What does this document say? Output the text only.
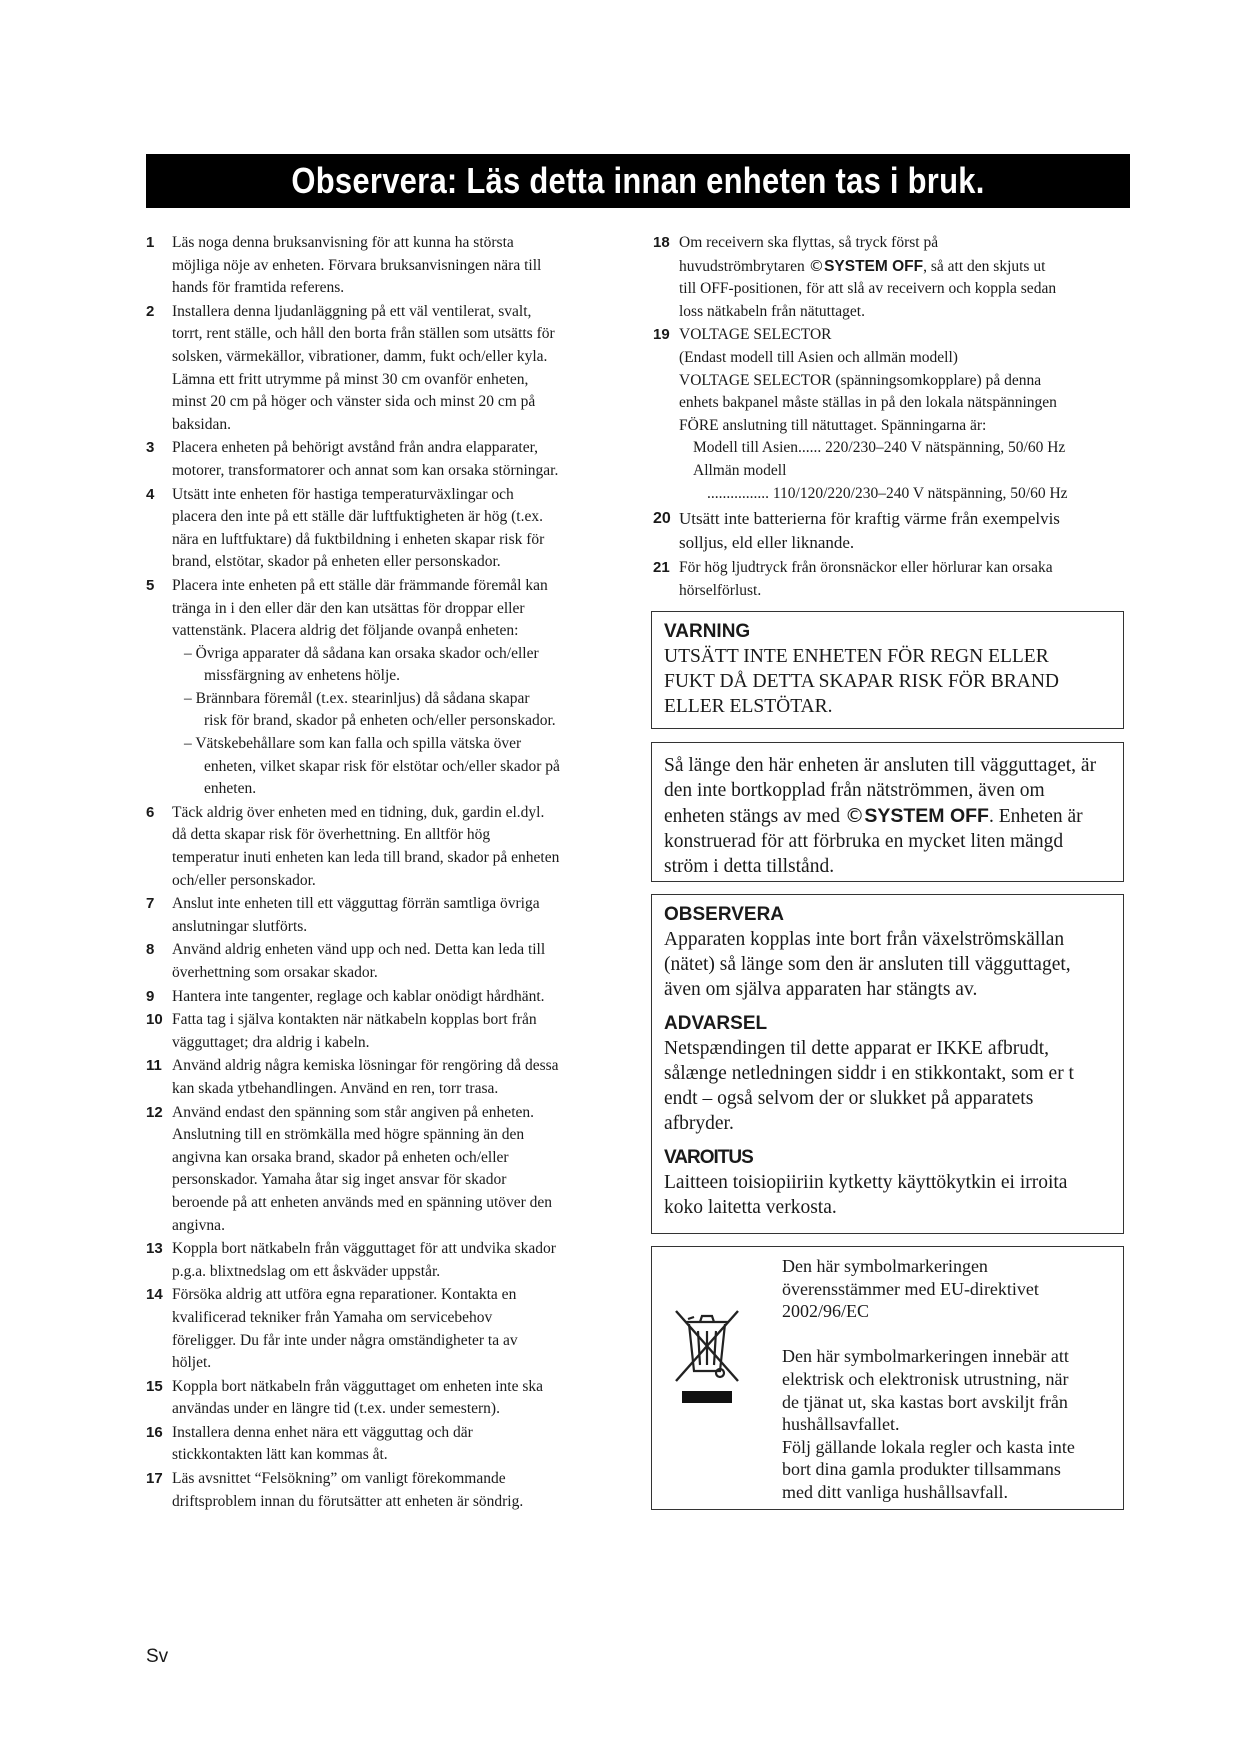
Observera: Läs detta innan enheten tas i bruk.
1 Läs noga denna bruksanvisning för att kunna ha största
möjliga nöje av enheten. Förvara bruksanvisningen nära till
hands för framtida referens.
2 Installera denna ljudanläggning på ett väl ventilerat, svalt,
torrt, rent ställe, och håll den borta från ställen som utsätts för
solsken, värmekällor, vibrationer, damm, fukt och/eller kyla.
Lämna ett fritt utrymme på minst 30 cm ovanför enheten,
minst 20 cm på höger och vänster sida och minst 20 cm på
baksidan.
3 Placera enheten på behörigt avstånd från andra elapparater,
motorer, transformatorer och annat som kan orsaka störningar.
4 Utsätt inte enheten för hastiga temperaturväxlingar och
placera den inte på ett ställe där luftfuktigheten är hög (t.ex.
nära en luftfuktare) då fuktbildning i enheten skapar risk för
brand, elstötar, skador på enheten eller personskador.
5 Placera inte enheten på ett ställe där främmande föremål kan
tränga in i den eller där den kan utsättas för droppar eller
vattenstänk. Placera aldrig det följande ovanpå enheten:
– Övriga apparater då sådana kan orsaka skador och/eller
missfärgning av enhetens hölje.
– Brännbara föremål (t.ex. stearinljus) då sådana skapar
risk för brand, skador på enheten och/eller personskador.
– Vätskebehållare som kan falla och spilla vätska över
enheten, vilket skapar risk för elstötar och/eller skador på
enheten.
6 Täck aldrig över enheten med en tidning, duk, gardin el.dyl.
då detta skapar risk för överhettning. En alltför hög
temperatur inuti enheten kan leda till brand, skador på enheten
och/eller personskador.
7 Anslut inte enheten till ett vägguttag förrän samtliga övriga
anslutningar slutförts.
8 Använd aldrig enheten vänd upp och ned. Detta kan leda till
överhettning som orsakar skador.
9 Hantera inte tangenter, reglage och kablar onödigt hårdhänt.
10 Fatta tag i själva kontakten när nätkabeln kopplas bort från
vägguttaget; dra aldrig i kabeln.
11 Använd aldrig några kemiska lösningar för rengöring då dessa
kan skada ytbehandlingen. Använd en ren, torr trasa.
12 Använd endast den spänning som står angiven på enheten.
Anslutning till en strömkälla med högre spänning än den
angivna kan orsaka brand, skador på enheten och/eller
personskador. Yamaha åtar sig inget ansvar för skador
beroende på att enheten används med en spänning utöver den
angivna.
13 Koppla bort nätkabeln från vägguttaget för att undvika skador
p.g.a. blixtnedslag om ett åskväder uppstår.
14 Försöka aldrig att utföra egna reparationer. Kontakta en
kvalificerad tekniker från Yamaha om servicebehov
föreligger. Du får inte under några omständigheter ta av
höljet.
15 Koppla bort nätkabeln från vägguttaget om enheten inte ska
användas under en längre tid (t.ex. under semestern).
16 Installera denna enhet nära ett vägguttag och där
stickkontakten lätt kan kommas åt.
17 Läs avsnittet “Felsökning” om vanligt förekommande
driftsproblem innan du förutsätter att enheten är söndrig.
18 Om receivern ska flyttas, så tryck först på
huvudströmbrytaren ©SYSTEM OFF, så att den skjuts ut
till OFF-positionen, för att slå av receivern och koppla sedan
loss nätkabeln från nätuttaget.
19 VOLTAGE SELECTOR
(Endast modell till Asien och allmän modell)
VOLTAGE SELECTOR (spänningsomkopplare) på denna
enhets bakpanel måste ställas in på den lokala nätspänningen
FÖRE anslutning till nätuttaget. Spänningarna är:
Modell till Asien...... 220/230–240 V nätspänning, 50/60 Hz
Allmän modell
................ 110/120/220/230–240 V nätspänning, 50/60 Hz
20 Utsätt inte batterierna för kraftig värme från exempelvis
solljus, eld eller liknande.
21 För hög ljudtryck från öronsnäckor eller hörlurar kan orsaka
hörselförlust.
VARNING
UTSÄTT INTE ENHETEN FÖR REGN ELLER
FUKT DÅ DETTA SKAPAR RISK FÖR BRAND
ELLER ELSTÖTAR.
Så länge den här enheten är ansluten till vägguttaget, är
den inte bortkopplad från nätströmmen, även om
enheten stängs av med ©SYSTEM OFF. Enheten är
konstruerad för att förbruka en mycket liten mängd
ström i detta tillstånd.
OBSERVERA
Apparaten kopplas inte bort från växelströmskällan
(nätet) så länge som den är ansluten till vägguttaget,
även om själva apparaten har stängts av.
ADVARSEL
Netspændingen til dette apparat er IKKE afbrudt,
sålænge netledningen siddr i en stikkontakt, som er t
endt – også selvom der or slukket på apparatets
afbryder.
VAROITUS
Laitteen toisiopiiriin kytketty käyttökytkin ei irroita
koko laitetta verkosta.
Den här symbolmarkeringen
överensstämmer med EU-direktivet
2002/96/EC
Den här symbolmarkeringen innebär att
elektrisk och elektronisk utrustning, när
de tjänat ut, ska kastas bort avskiljt från
hushållsavfallet.
Följ gällande lokala regler och kasta inte
bort dina gamla produkter tillsammans
med ditt vanliga hushållsavfall.
Sv
